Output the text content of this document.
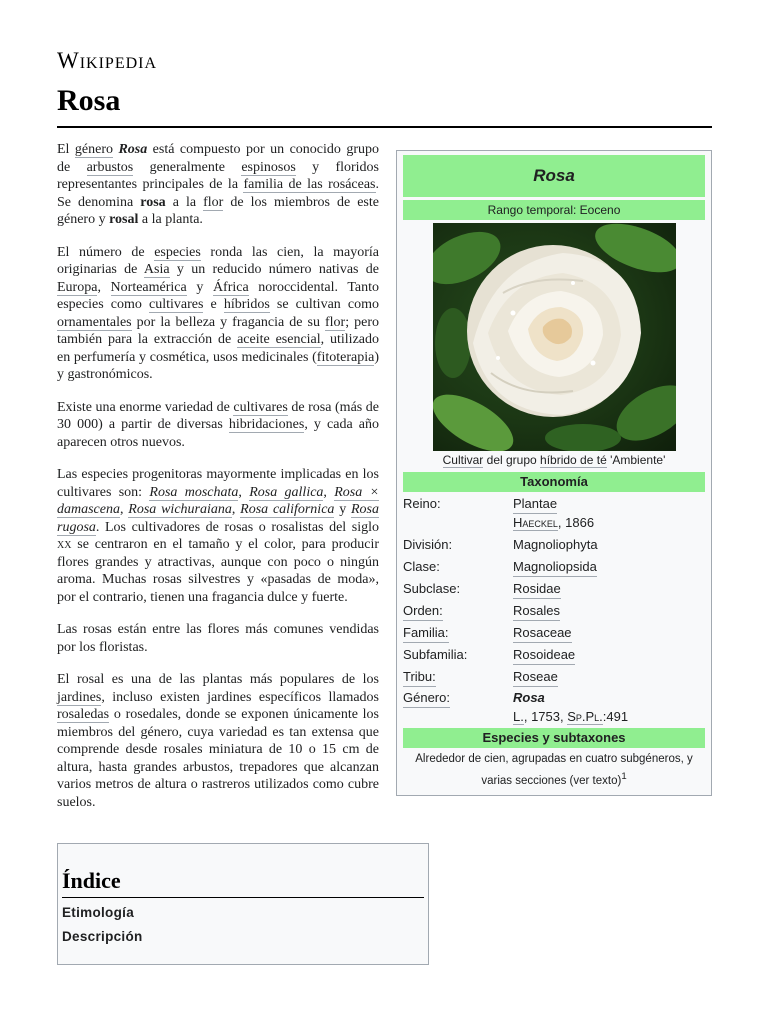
Wikipedia
Rosa

El género Rosa está compuesto por un conocido grupo de arbustos generalmente espinosos y floridos representantes principales de la familia de las rosáceas. Se denomina rosa a la flor de los miembros de este género y rosal a la planta.

El número de especies ronda las cien, la mayoría originarias de Asia y un reducido número nativas de Europa, Norteamérica y África noroccidental. Tanto especies como cultivares e híbridos se cultivan como ornamentales por la belleza y fragancia de su flor; pero también para la extracción de aceite esencial, utilizado en perfumería y cosmética, usos medicinales (fitoterapia) y gastronómicos.

Existe una enorme variedad de cultivares de rosa (más de 30 000) a partir de diversas hibridaciones, y cada año aparecen otros nuevos.

Las especies progenitoras mayormente implicadas en los cultivares son: Rosa moschata, Rosa gallica, Rosa × damascena, Rosa wichuraiana, Rosa californica y Rosa rugosa. Los cultivadores de rosas o rosalistas del siglo xx se centraron en el tamaño y el color, para producir flores grandes y atractivas, aunque con poco o ningún aroma. Muchas rosas silvestres y «pasadas de moda», por el contrario, tienen una fragancia dulce y fuerte.

Las rosas están entre las flores más comunes vendidas por los floristas.

El rosal es una de las plantas más populares de los jardines, incluso existen jardines específicos llamados rosaledas o rosedales, donde se exponen únicamente los miembros del género, cuya variedad es tan extensa que comprende desde rosales miniatura de 10 o 15 cm de altura, hasta grandes arbustos, trepadores que alcanzan varios metros de altura o rastreros utilizados como cubre suelos.

Rosa
Rango temporal: Eoceno
Cultivar del grupo híbrido de té 'Ambiente'
Taxonomía
Reino:	Plantae
Haeckel, 1866
División:	Magnoliophyta
Clase:	Magnoliopsida
Subclase:	Rosidae
Orden:	Rosales
Familia:	Rosaceae
Subfamilia:	Rosoideae
Tribu:	Roseae
Género:	Rosa
L., 1753, Sp.Pl.:491
Especies y subtaxones
Alrededor de cien, agrupadas en cuatro subgéneros, y varias secciones (ver texto)$^1$
Índice
Etimología
Descripción
